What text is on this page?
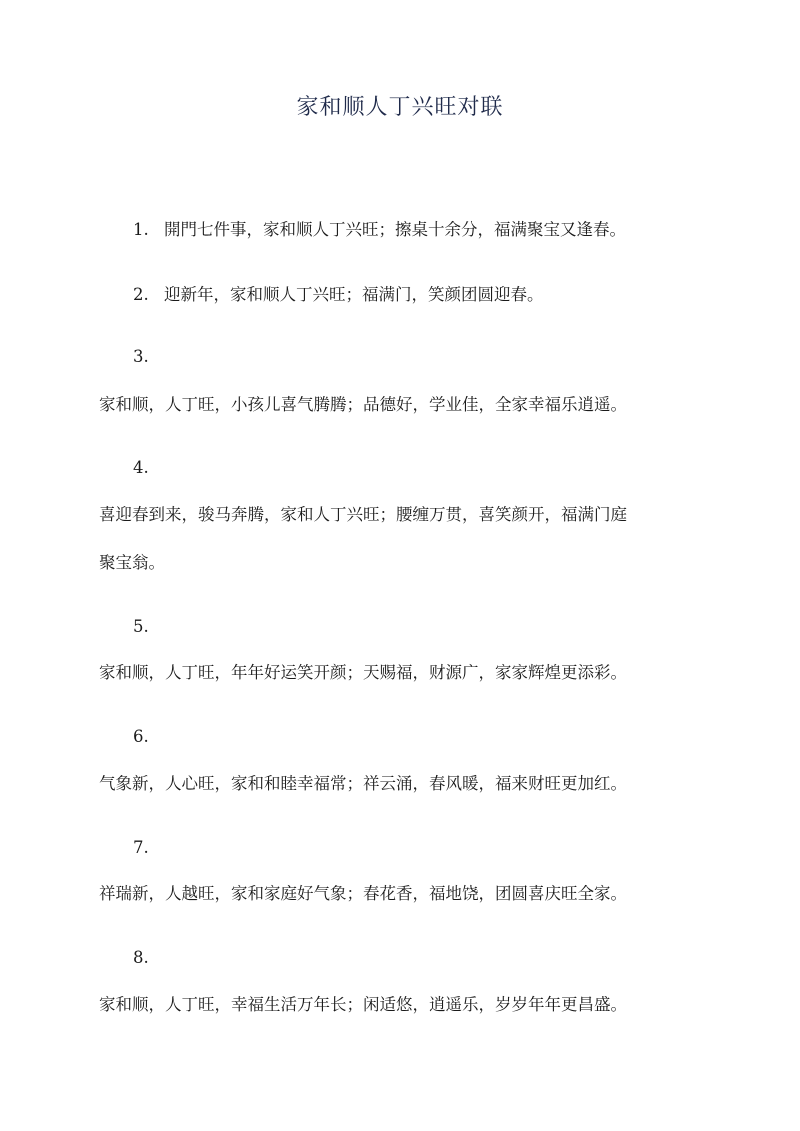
家和顺人丁兴旺对联
1. 開門七件事，家和顺人丁兴旺；擦桌十余分，福满聚宝又逢春。
2. 迎新年，家和顺人丁兴旺；福满门，笑颜团圆迎春。
3.
家和顺，人丁旺，小孩儿喜气腾腾；品德好，学业佳，全家幸福乐逍遥。
4.
喜迎春到来，骏马奔腾，家和人丁兴旺；腰缠万贯，喜笑颜开，福满门庭
聚宝翁。
5.
家和顺，人丁旺，年年好运笑开颜；天赐福，财源广，家家辉煌更添彩。
6.
气象新，人心旺，家和和睦幸福常；祥云涌，春风暖，福来财旺更加红。
7.
祥瑞新，人越旺，家和家庭好气象；春花香，福地饶，团圆喜庆旺全家。
8.
家和顺，人丁旺，幸福生活万年长；闲适悠，逍遥乐，岁岁年年更昌盛。
